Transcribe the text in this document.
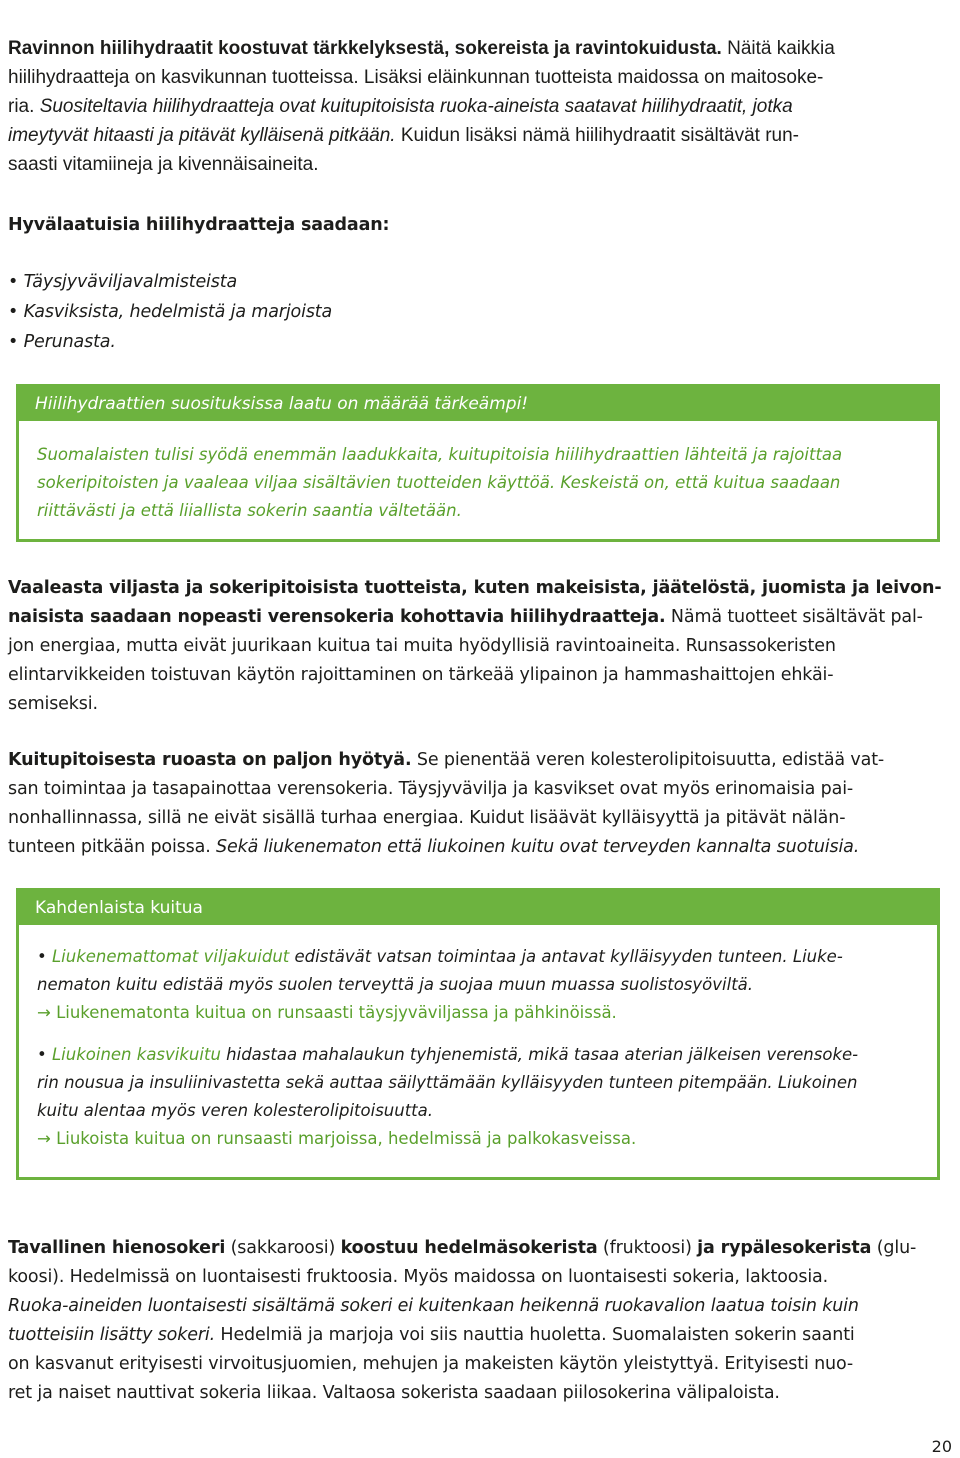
Ravinnon hiilihydraatit koostuvat tärkkelyksestä, sokereista ja ravintokuidusta. Näitä kaikkia
hiilihydraatteja on kasvikunnan tuotteissa. Lisäksi eläinkunnan tuotteista maidossa on maitosoke-
ria. Suositeltavia hiilihydraatteja ovat kuitupitoisista ruoka-aineista saatavat hiilihydraatit, jotka
imeytyvät hitaasti ja pitävät kylläisenä pitkään. Kuidun lisäksi nämä hiilihydraatit sisältävät run-
saasti vitamiineja ja kivennäisaineita.
Hyvälaatuisia hiilihydraatteja saadaan:
• Täysjyväviljavalmisteista
• Kasviksista, hedelmistä ja marjoista
• Perunasta.
Hiilihydraattien suosituksissa laatu on määrää tärkeämpi!
Suomalaisten tulisi syödä enemmän laadukkaita, kuitupitoisia hiilihydraattien lähteitä ja rajoittaa
sokeripitoisten ja vaaleaa viljaa sisältävien tuotteiden käyttöä. Keskeistä on, että kuitua saadaan
riittävästi ja että liiallista sokerin saantia vältetään.
Vaaleasta viljasta ja sokeripitoisista tuotteista, kuten makeisista, jäätelöstä, juomista ja leivon-
naisista saadaan nopeasti verensokeria kohottavia hiilihydraatteja. Nämä tuotteet sisältävät pal-
jon energiaa, mutta eivät juurikaan kuitua tai muita hyödyllisiä ravintoaineita. Runsassokeristen
elintarvikkeiden toistuvan käytön rajoittaminen on tärkeää ylipainon ja hammashaittojen ehkäi-
semiseksi.
Kuitupitoisesta ruoasta on paljon hyötyä. Se pienentää veren kolesterolipitoisuutta, edistää vat-
san toimintaa ja tasapainottaa verensokeria. Täysjyvävilja ja kasvikset ovat myös erinomaisia pai-
nonhallinnassa, sillä ne eivät sisällä turhaa energiaa. Kuidut lisäävät kylläisyyttä ja pitävät nälän-
tunteen pitkään poissa. Sekä liukenematon että liukoinen kuitu ovat terveyden kannalta suotuisia.
Kahdenlaista kuitua
• Liukenemattomat viljakuidut edistävät vatsan toimintaa ja antavat kylläisyyden tunteen. Liuke-
nematon kuitu edistää myös suolen terveyttä ja suojaa muun muassa suolistosyöviltä.
→ Liukenematonta kuitua on runsaasti täysjyväviljassa ja pähkinöissä.
• Liukoinen kasvikuitu hidastaa mahalaukun tyhjenemistä, mikä tasaa aterian jälkeisen verensoke-
rin nousua ja insuliinivastetta sekä auttaa säilyttämään kylläisyyden tunteen pitempään. Liukoinen
kuitu alentaa myös veren kolesterolipitoisuutta.
→ Liukoista kuitua on runsaasti marjoissa, hedelmissä ja palkokasveissa.
Tavallinen hienosokeri (sakkaroosi) koostuu hedelmäsokerista (fruktoosi) ja rypälesokerista (glu-
koosi). Hedelmissä on luontaisesti fruktoosia. Myös maidossa on luontaisesti sokeria, laktoosia.
Ruoka-aineiden luontaisesti sisältämä sokeri ei kuitenkaan heikennä ruokavalion laatua toisin kuin
tuotteisiin lisätty sokeri. Hedelmiä ja marjoja voi siis nauttia huoletta. Suomalaisten sokerin saanti
on kasvanut erityisesti virvoitusjuomien, mehujen ja makeisten käytön yleistyttyä. Erityisesti nuo-
ret ja naiset nauttivat sokeria liikaa. Valtaosa sokerista saadaan piilosokerina välipaloista.
20
